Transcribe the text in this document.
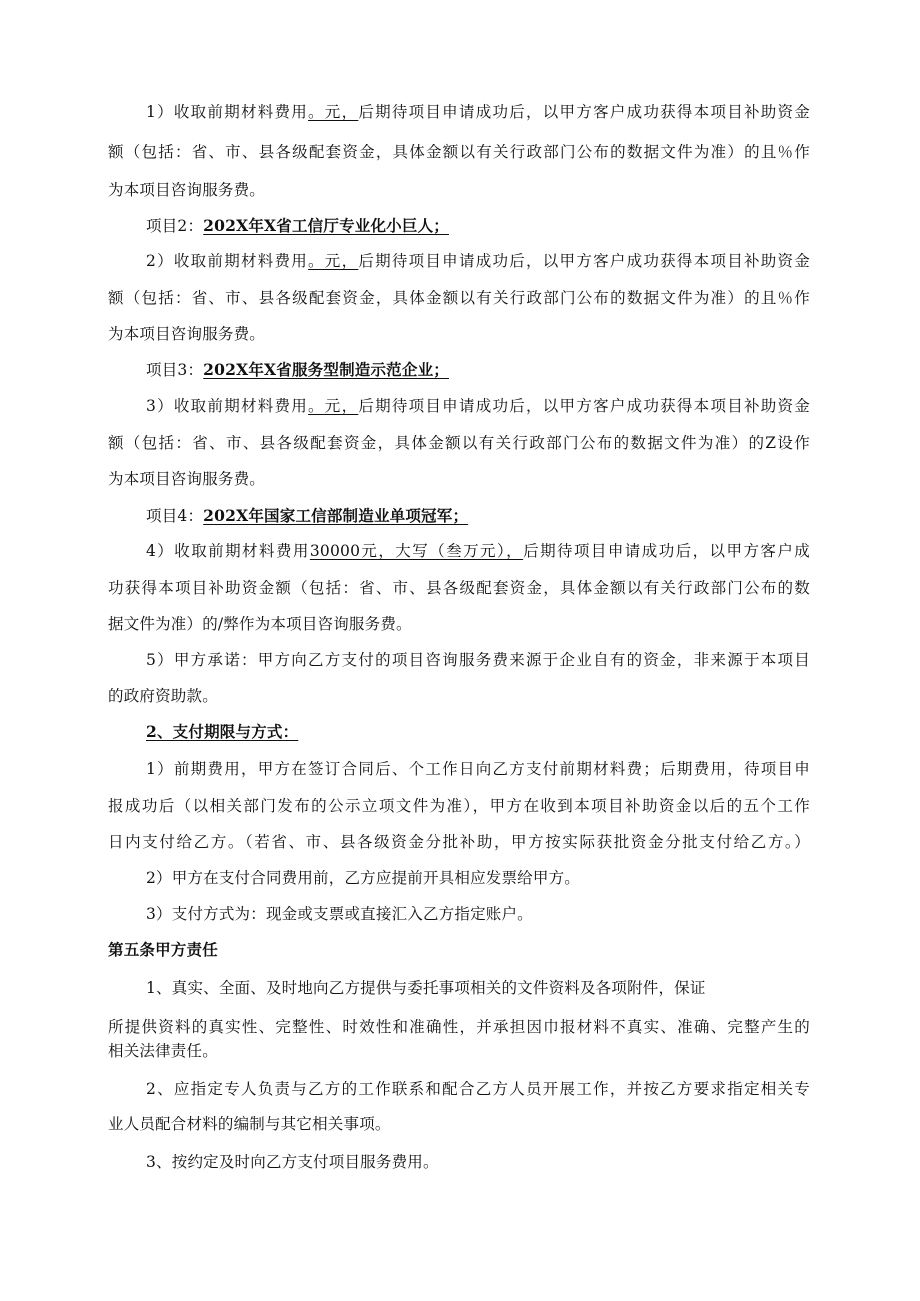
1）收取前期材料费用。元，后期待项目申请成功后，以甲方客户成功获得本项目补助资金
额（包括：省、市、县各级配套资金，具体金额以有关行政部门公布的数据文件为准）的且％作
为本项目咨询服务费。
项目2：202X年X省工信厅专业化小巨人；
2）收取前期材料费用。元，后期待项目申请成功后，以甲方客户成功获得本项目补助资金
额（包括：省、市、县各级配套资金，具体金额以有关行政部门公布的数据文件为准）的且％作
为本项目咨询服务费。
项目3：202X年X省服务型制造示范企业；
3）收取前期材料费用。元，后期待项目申请成功后，以甲方客户成功获得本项目补助资金
额（包括：省、市、县各级配套资金，具体金额以有关行政部门公布的数据文件为准）的Z设作
为本项目咨询服务费。
项目4：202X年国家工信部制造业单项冠军；
4）收取前期材料费用30000元，大写（叁万元），后期待项目申请成功后，以甲方客户成
功获得本项目补助资金额（包括：省、市、县各级配套资金，具体金额以有关行政部门公布的数
据文件为准）的/弊作为本项目咨询服务费。
5）甲方承诺：甲方向乙方支付的项目咨询服务费来源于企业自有的资金，非来源于本项目
的政府资助款。
2、支付期限与方式：
1）前期费用，甲方在签订合同后、个工作日向乙方支付前期材料费；后期费用，待项目申
报成功后（以相关部门发布的公示立项文件为准），甲方在收到本项目补助资金以后的五个工作
日内支付给乙方。（若省、市、县各级资金分批补助，甲方按实际获批资金分批支付给乙方。）
2）甲方在支付合同费用前，乙方应提前开具相应发票给甲方。
3）支付方式为：现金或支票或直接汇入乙方指定账户。
第五条甲方责任
1、真实、全面、及时地向乙方提供与委托事项相关的文件资料及各项附件，保证
所提供资料的真实性、完整性、时效性和准确性，并承担因巾报材料不真实、准确、完整产生的
相关法律责任。
2、应指定专人负责与乙方的工作联系和配合乙方人员开展工作，并按乙方要求指定相关专
业人员配合材料的编制与其它相关事项。
3、按约定及时向乙方支付项目服务费用。
